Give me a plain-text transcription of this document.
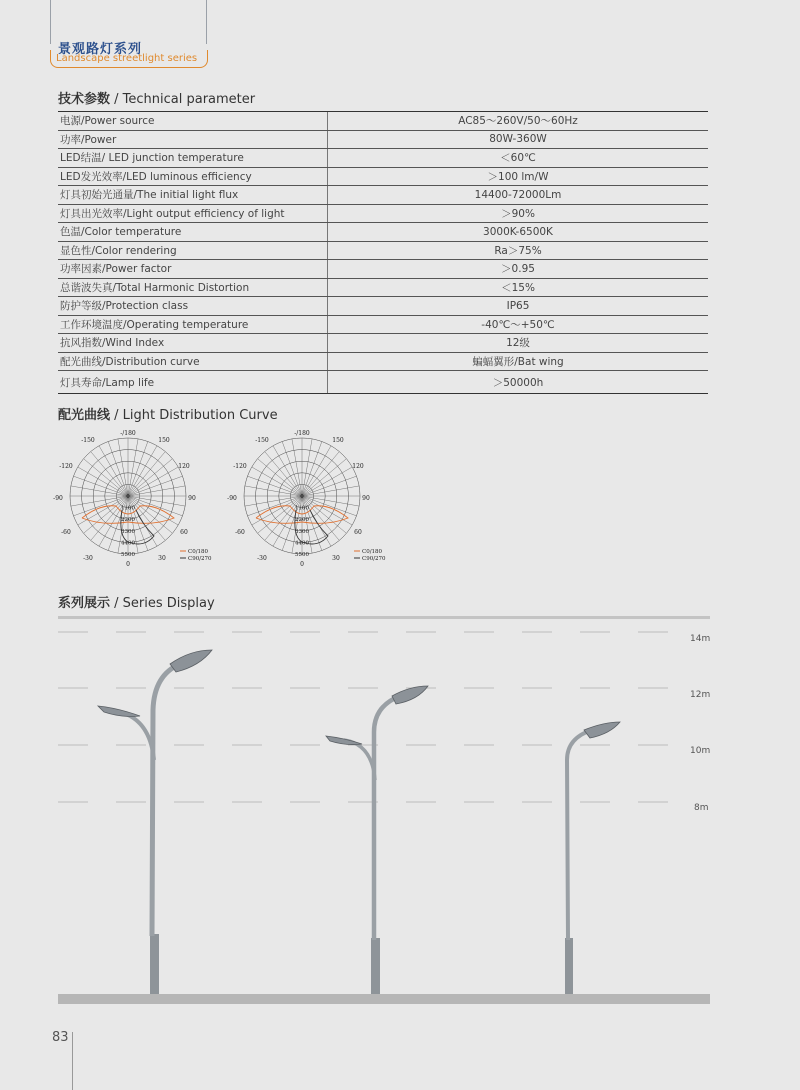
景观路灯系列
Landscape streetlight series
技术参数 / Technical parameter
电源/Power source	AC85～260V/50～60Hz
功率/Power	80W-360W
LED结温/ LED junction temperature	＜60℃
LED发光效率/LED luminous efficiency	＞100 lm/W
灯具初始光通量/The initial light flux	14400-72000Lm
灯具出光效率/Light output efficiency of light	＞90%
色温/Color temperature	3000K-6500K
显色性/Color rendering	Ra＞75%
功率因素/Power factor	＞0.95
总谐波失真/Total Harmonic Distortion	＜15%
防护等级/Protection class	IP65
工作环境温度/Operating temperature	-40℃～+50℃
抗风指数/Wind Index	12级
配光曲线/Distribution curve	蝙蝠翼形/Bat wing
灯具寿命/Lamp life	＞50000h
配光曲线 / Light Distribution Curve
-/180
-150	150
-120	120
-90	90
-60	60
-30	30
0
0
1100
2200
3300
4400
5500	C0/180
C90/270
-/180
-150	150
-120	120
-90	90
-60	60
-30	30
0
0
1100
2200
3300
4400
5500	C0/180
C90/270
系列展示 / Series Display
14m
12m
10m
8m
83
